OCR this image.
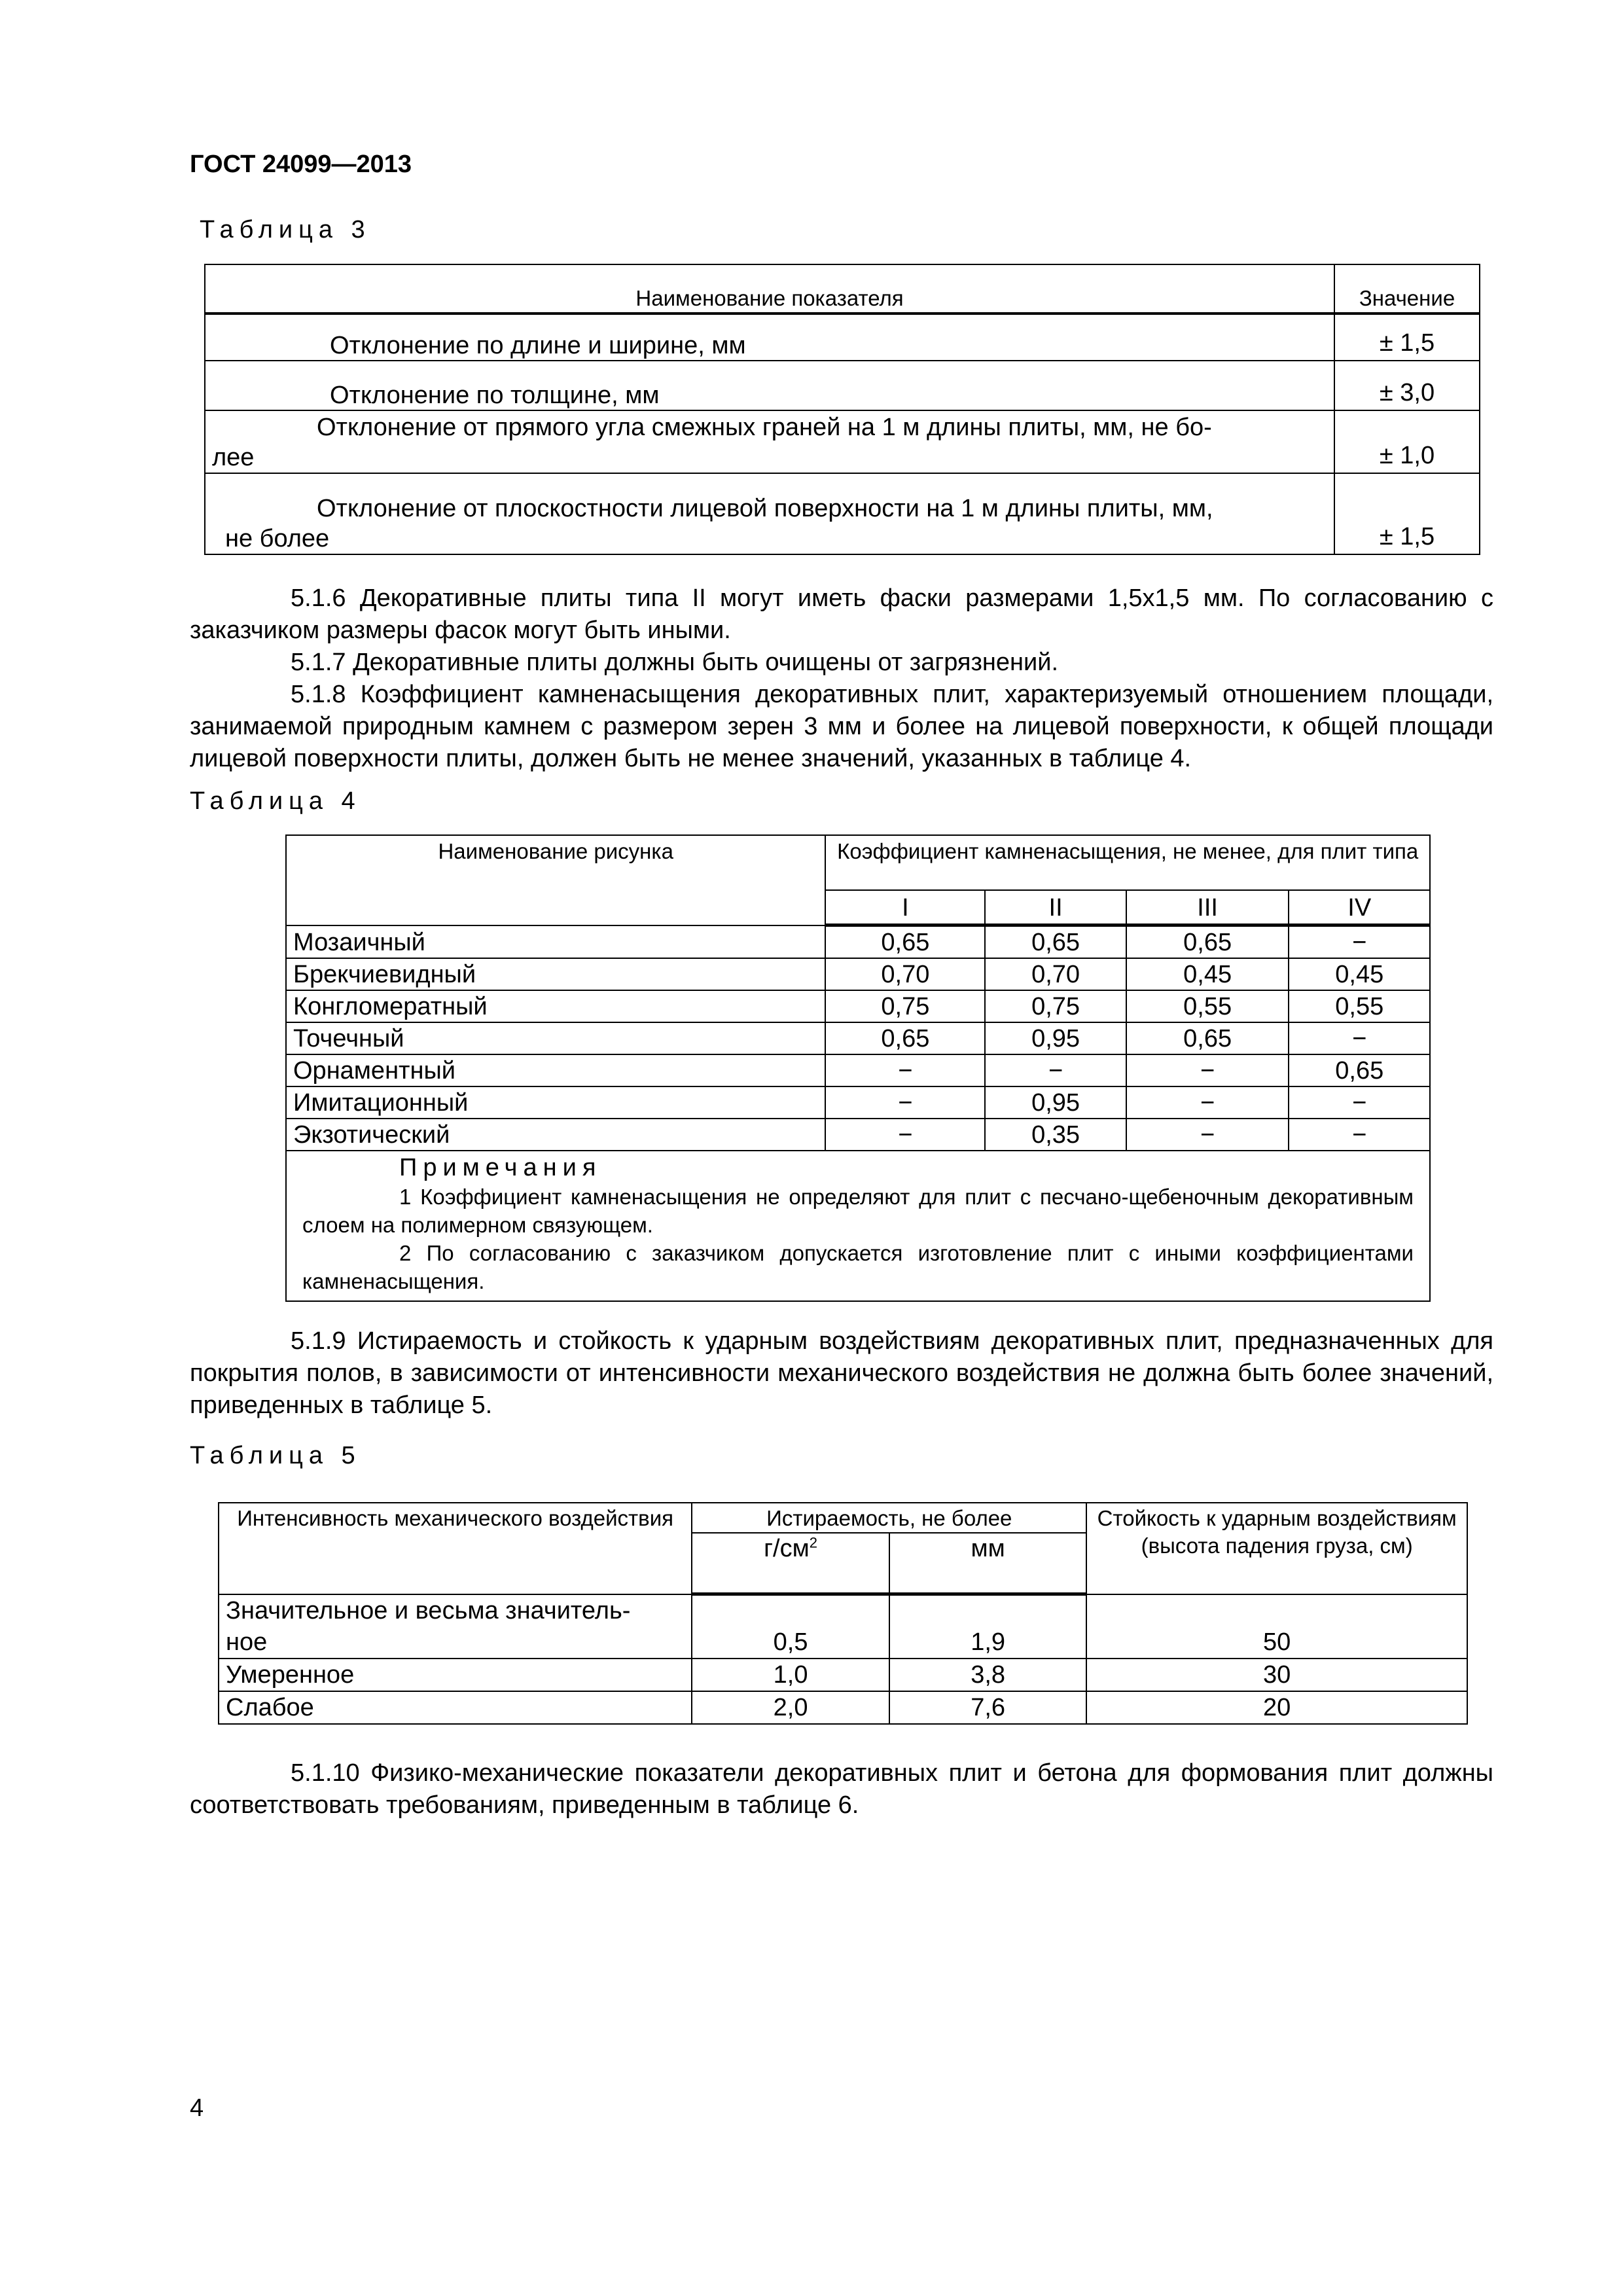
ГОСТ 24099—2013
Таблица 3
Наименование показателя	Значение

Отклонение по длине и ширине, мм	± 1,5

Отклонение по толщине, мм	± 3,0

Отклонение от прямого угла смежных граней на 1 м длины плиты, мм, не бо-
лее	± 1,0

Отклонение от плоскостности лицевой поверхности на 1 м длины плиты, мм,
не более	± 1,5

5.1.6 Декоративные плиты типа II могут иметь фаски размерами 1,5х1,5 мм. По согласованию с заказчиком размеры фасок могут быть иными.

5.1.7 Декоративные плиты должны быть очищены от загрязнений.

5.1.8 Коэффициент камненасыщения декоративных плит, характеризуемый отношением площади, занимаемой природным камнем с размером зерен 3 мм и более на лицевой поверхности, к общей площади лицевой поверхности плиты, должен быть не менее значений, указанных в таблице 4.

Таблица 4
Наименование рисунка	Коэффициент камненасыщения, не менее, для плит типа			
	I	II	III	IV
Мозаичный	0,65	0,65	0,65	−
Брекчиевидный	0,70	0,70	0,45	0,45
Конгломератный	0,75	0,75	0,55	0,55
Точечный	0,65	0,95	0,65	−
Орнаментный	−	−	−	0,65
Имитационный	−	0,95	−	−
Экзотический	−	0,35	−	−

Примечания

1 Коэффициент камненасыщения не определяют для плит с песчано-щебеночным декоративным слоем на полимерном связующем.

2 По согласованию с заказчиком допускается изготовление плит с иными коэффициентами камненасыщения.				

5.1.9 Истираемость и стойкость к ударным воздействиям декоративных плит, предназначенных для покрытия полов, в зависимости от интенсивности механического воздействия не должна быть более значений, приведенных в таблице 5.

Таблица 5
Интенсивность механического воздействия	Истираемость, не более		Стойкость к ударным воздействиям (высота падения груза, см)
	$г/см^2$	мм	
Значительное и весьма значитель-
ное	0,5	1,9	50
Умеренное	1,0	3,8	30
Слабое	2,0	7,6	20

5.1.10 Физико-механические показатели декоративных плит и бетона для формования плит должны соответствовать требованиям, приведенным в таблице 6.

4
